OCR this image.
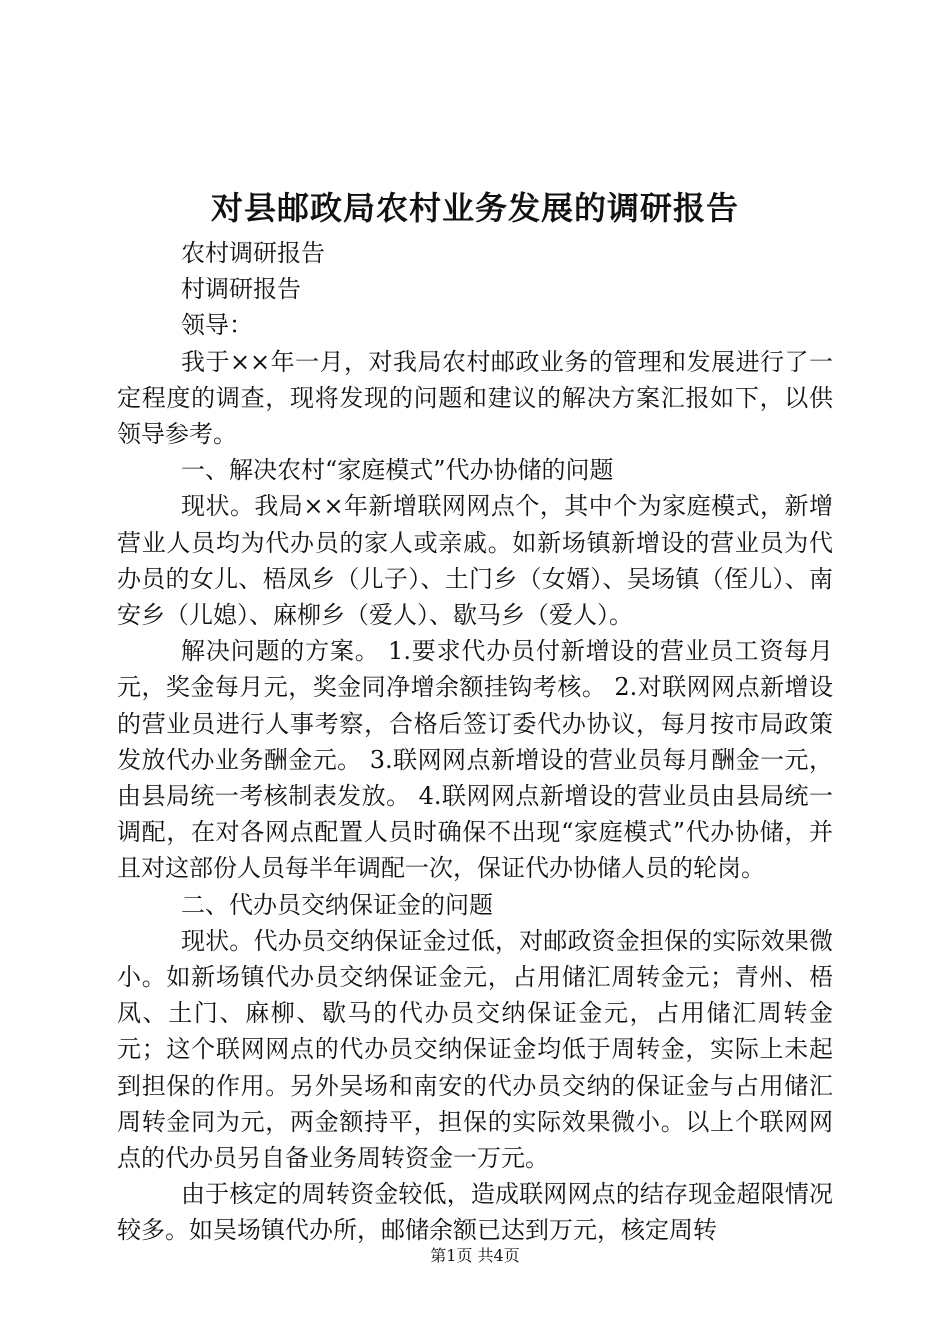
对县邮政局农村业务发展的调研报告

农村调研报告

村调研报告

领导：

我于××年一月，对我局农村邮政业务的管理和发展进行了一定程度的调查，现将发现的问题和建议的解决方案汇报如下，以供领导参考。

一、解决农村“家庭模式”代办协储的问题

现状。我局××年新增联网网点个，其中个为家庭模式，新增营业人员均为代办员的家人或亲戚。如新场镇新增设的营业员为代办员的女儿、梧凤乡（儿子）、土门乡（女婿）、吴场镇（侄儿）、南安乡（儿媳）、麻柳乡（爱人）、歇马乡（爱人）。

解决问题的方案。 1.要求代办员付新增设的营业员工资每月元，奖金每月元，奖金同净增余额挂钩考核。 2.对联网网点新增设的营业员进行人事考察，合格后签订委代办协议，每月按市局政策发放代办业务酬金元。 3.联网网点新增设的营业员每月酬金一元，由县局统一考核制表发放。 4.联网网点新增设的营业员由县局统一调配，在对各网点配置人员时确保不出现“家庭模式”代办协储，并且对这部份人员每半年调配一次，保证代办协储人员的轮岗。

二、代办员交纳保证金的问题

现状。代办员交纳保证金过低，对邮政资金担保的实际效果微小。如新场镇代办员交纳保证金元，占用储汇周转金元；青州、梧凤、土门、麻柳、歇马的代办员交纳保证金元，占用储汇周转金元；这个联网网点的代办员交纳保证金均低于周转金，实际上未起到担保的作用。另外吴场和南安的代办员交纳的保证金与占用储汇周转金同为元，两金额持平，担保的实际效果微小。以上个联网网点的代办员另自备业务周转资金一万元。

由于核定的周转资金较低，造成联网网点的结存现金超限情况较多。如吴场镇代办所，邮储余额已达到万元，核定周转

第1页 共4页
